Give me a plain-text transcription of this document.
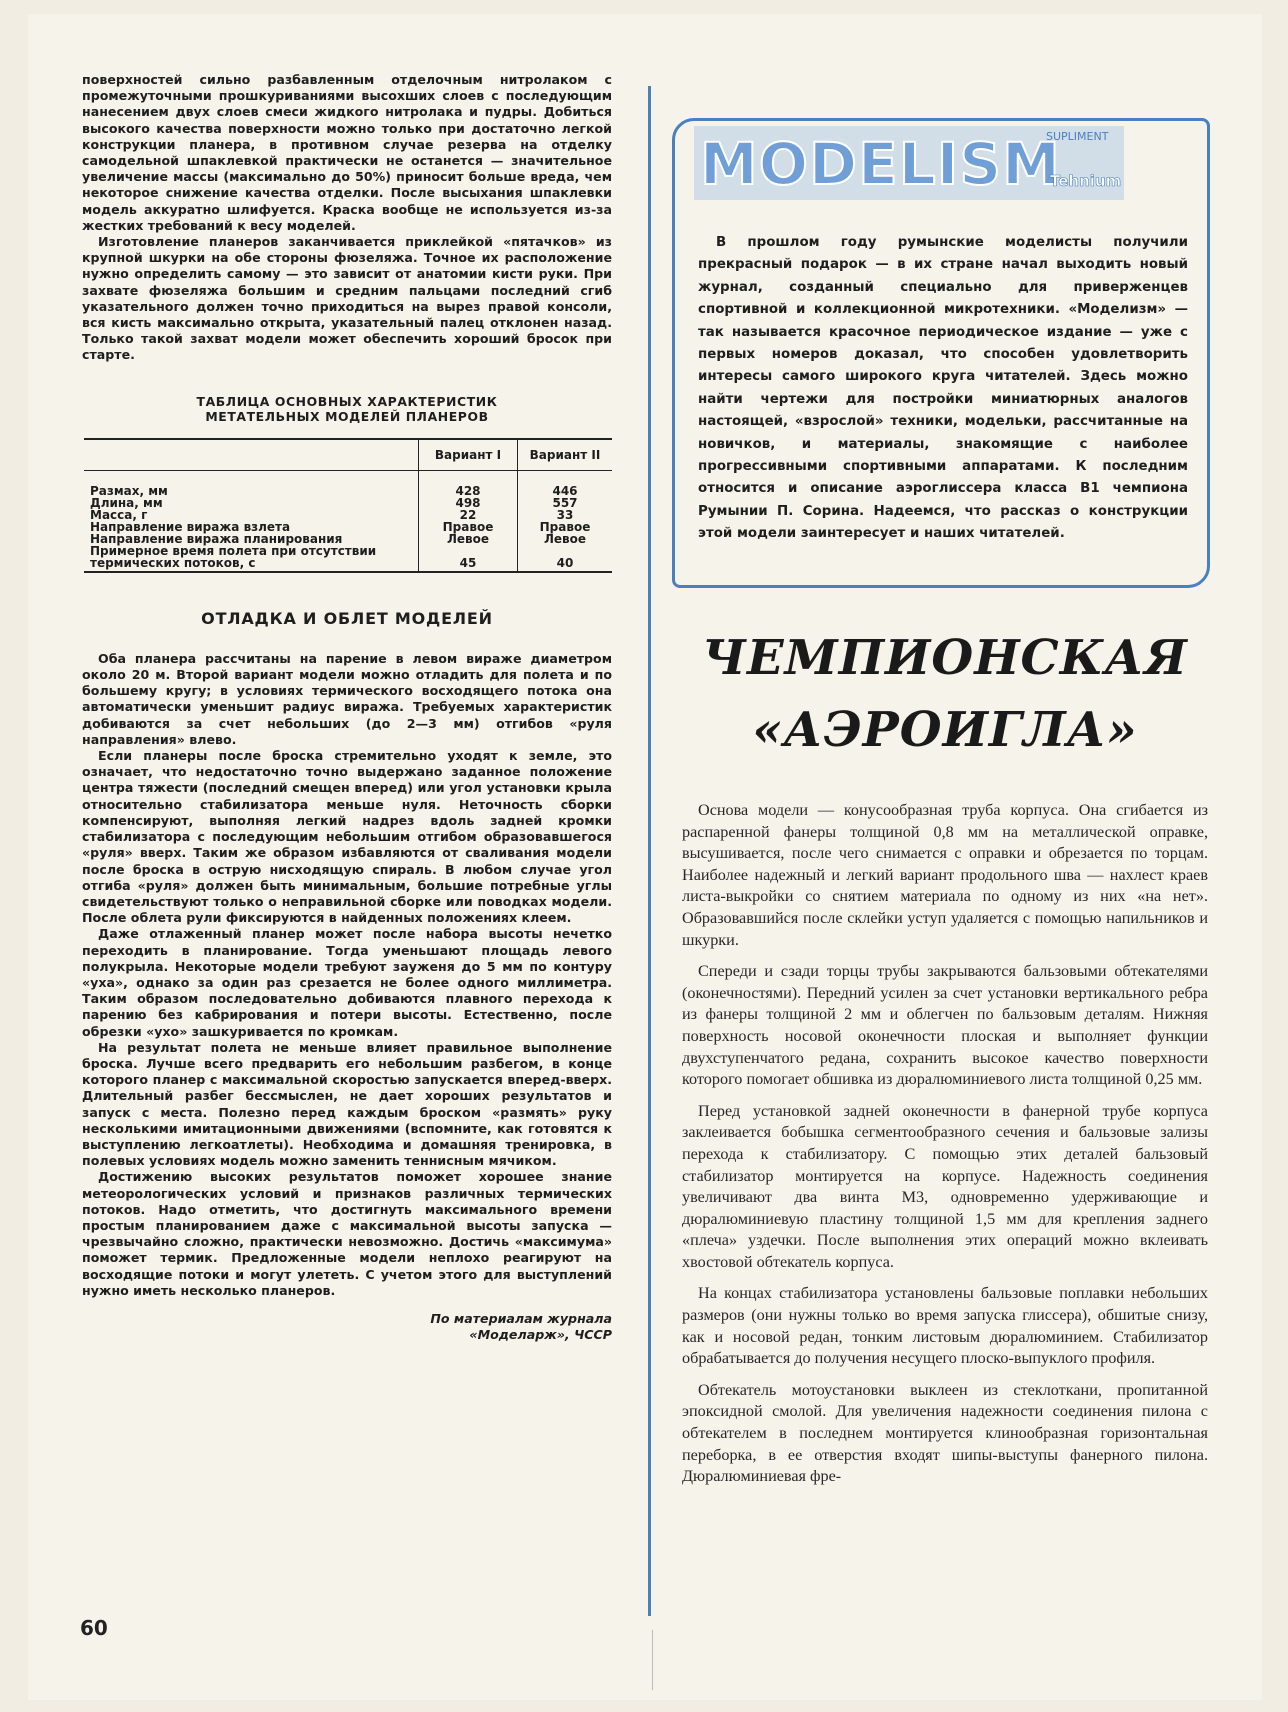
поверхностей сильно разбавленным отделочным нитролаком с промежуточными прошкуриваниями высохших слоев с последующим нанесением двух слоев смеси жидкого нитролака и пудры. Добиться высокого качества поверхности можно только при достаточно легкой конструкции планера, в противном случае резерва на отделку самодельной шпаклевкой практически не останется — значительное увеличение массы (максимально до 50%) приносит больше вреда, чем некоторое снижение качества отделки. После высыхания шпаклевки модель аккуратно шлифуется. Краска вообще не используется из-за жестких требований к весу моделей.

Изготовление планеров заканчивается приклейкой «пятачков» из крупной шкурки на обе стороны фюзеляжа. Точное их расположение нужно определить самому — это зависит от анатомии кисти руки. При захвате фюзеляжа большим и средним пальцами последний сгиб указательного должен точно приходиться на вырез правой консоли, вся кисть максимально открыта, указательный палец отклонен назад. Только такой захват модели может обеспечить хороший бросок при старте.

ТАБЛИЦА ОСНОВНЫХ ХАРАКТЕРИСТИК
МЕТАТЕЛЬНЫХ МОДЕЛЕЙ ПЛАНЕРОВ
	Вариант I	Вариант II
Размах, мм	428	446
Длина, мм	498	557
Масса, г	22	33
Направление виража взлета	Правое	Правое
Направление виража планирования	Левое	Левое
Примерное время полета при отсутствии термических потоков, с	45	40
ОТЛАДКА И ОБЛЕТ МОДЕЛЕЙ

Оба планера рассчитаны на парение в левом вираже диаметром около 20 м. Второй вариант модели можно отладить для полета и по большему кругу; в условиях термического восходящего потока она автоматически уменьшит радиус виража. Требуемых характеристик добиваются за счет небольших (до 2—3 мм) отгибов «руля направления» влево.

Если планеры после броска стремительно уходят к земле, это означает, что недостаточно точно выдержано заданное положение центра тяжести (последний смещен вперед) или угол установки крыла относительно стабилизатора меньше нуля. Неточность сборки компенсируют, выполняя легкий надрез вдоль задней кромки стабилизатора с последующим небольшим отгибом образовавшегося «руля» вверх. Таким же образом избавляются от сваливания модели после броска в острую нисходящую спираль. В любом случае угол отгиба «руля» должен быть минимальным, большие потребные углы свидетельствуют только о неправильной сборке или поводках модели. После облета рули фиксируются в найденных положениях клеем.

Даже отлаженный планер может после набора высоты нечетко переходить в планирование. Тогда уменьшают площадь левого полукрыла. Некоторые модели требуют зауженя до 5 мм по контуру «уха», однако за один раз срезается не более одного миллиметра. Таким образом последовательно добиваются плавного перехода к парению без кабрирования и потери высоты. Естественно, после обрезки «ухо» зашкуривается по кромкам.

На результат полета не меньше влияет правильное выполнение броска. Лучше всего предварить его небольшим разбегом, в конце которого планер с максимальной скоростью запускается вперед-вверх. Длительный разбег бессмыслен, не дает хороших результатов и запуск с места. Полезно перед каждым броском «размять» руку несколькими имитационными движениями (вспомните, как готовятся к выступлению легкоатлеты). Необходима и домашняя тренировка, в полевых условиях модель можно заменить теннисным мячиком.

Достижению высоких результатов поможет хорошее знание метеорологических условий и признаков различных термических потоков. Надо отметить, что достигнуть максимального времени простым планированием даже с максимальной высоты запуска — чрезвычайно сложно, практически невозможно. Достичь «максимума» поможет термик. Предложенные модели неплохо реагируют на восходящие потоки и могут улететь. С учетом этого для выступлений нужно иметь несколько планеров.

По материалам журнала
«Моделарж», ЧССР
60
MODELISM
SUPLIMENT
Tehnium

В прошлом году румынские моделисты получили прекрасный подарок — в их стране начал выходить новый журнал, созданный специально для приверженцев спортивной и коллекционной микротехники. «Моделизм» — так называется красочное периодическое издание — уже с первых номеров доказал, что способен удовлетворить интересы самого широкого круга читателей. Здесь можно найти чертежи для постройки миниатюрных аналогов настоящей, «взрослой» техники, модельки, рассчитанные на новичков, и материалы, знакомящие с наиболее прогрессивными спортивными аппаратами. К последним относится и описание аэроглиссера класса В1 чемпиона Румынии П. Сорина. Надеемся, что рассказ о конструкции этой модели заинтересует и наших читателей.

ЧЕМПИОНСКАЯ
«АЭРОИГЛА»

Основа модели — конусообразная труба корпуса. Она сгибается из распаренной фанеры толщиной 0,8 мм на металлической оправке, высушивается, после чего снимается с оправки и обрезается по торцам. Наиболее надежный и легкий вариант продольного шва — нахлест краев листа-выкройки со снятием материала по одному из них «на нет». Образовавшийся после склейки уступ удаляется с помощью напильников и шкурки.

Спереди и сзади торцы трубы закрываются бальзовыми обтекателями (оконечностями). Передний усилен за счет установки вертикального ребра из фанеры толщиной 2 мм и облегчен по бальзовым деталям. Нижняя поверхность носовой оконечности плоская и выполняет функции двухступенчатого редана, сохранить высокое качество поверхности которого помогает обшивка из дюралюминиевого листа толщиной 0,25 мм.

Перед установкой задней оконечности в фанерной трубе корпуса заклеивается бобышка сегментообразного сечения и бальзовые зализы перехода к стабилизатору. С помощью этих деталей бальзовый стабилизатор монтируется на корпусе. Надежность соединения увеличивают два винта М3, одновременно удерживающие и дюралюминиевую пластину толщиной 1,5 мм для крепления заднего «плеча» уздечки. После выполнения этих операций можно вклеивать хвостовой обтекатель корпуса.

На концах стабилизатора установлены бальзовые поплавки небольших размеров (они нужны только во время запуска глиссера), обшитые снизу, как и носовой редан, тонким листовым дюралюминием. Стабилизатор обрабатывается до получения несущего плоско-выпуклого профиля.

Обтекатель мотоустановки выклеен из стеклоткани, пропитанной эпоксидной смолой. Для увеличения надежности соединения пилона с обтекателем в последнем монтируется клинообразная горизонтальная переборка, в ее отверстия входят шипы-выступы фанерного пилона. Дюралюминиевая фре-
